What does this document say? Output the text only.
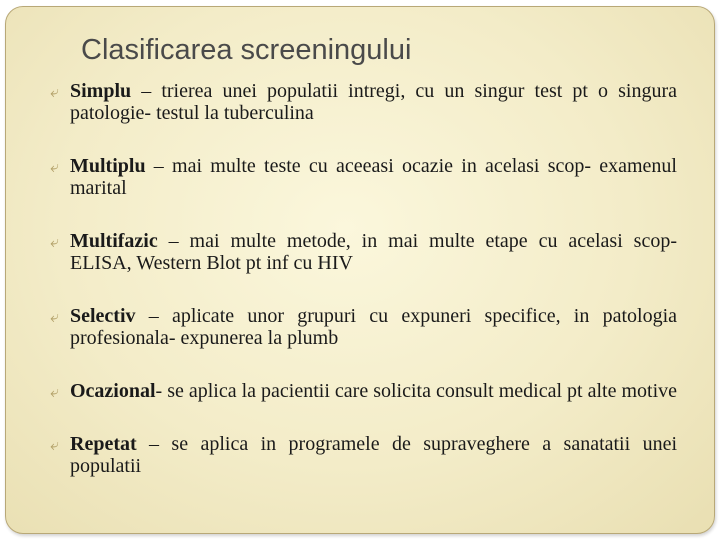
Clasificarea screeningului
⤶ Simplu – trierea unei populatii intregi, cu un singur test pt o singura patologie- testul la tuberculina
⤶ Multiplu – mai multe teste cu aceeasi ocazie in acelasi scop- examenul marital
⤶ Multifazic – mai multe metode, in mai multe etape cu acelasi scop- ELISA, Western Blot pt inf cu HIV
⤶ Selectiv – aplicate unor grupuri cu expuneri specifice, in patologia profesionala- expunerea la plumb
⤶ Ocazional- se aplica la pacientii care solicita consult medical pt alte motive
⤶ Repetat – se aplica in programele de supraveghere a sanatatii unei populatii
